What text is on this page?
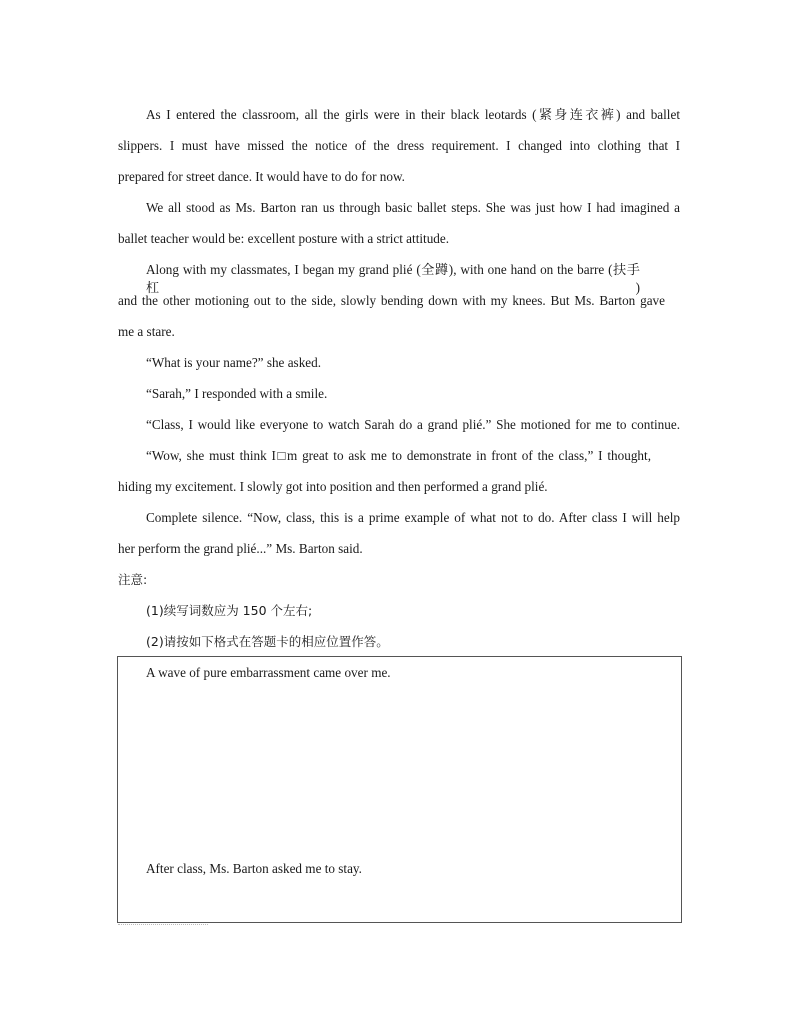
As I entered the classroom, all the girls were in their black leotards (紧身连衣裤) and ballet
slippers. I must have missed the notice of the dress requirement. I changed into clothing that I
prepared for street dance. It would have to do for now.
We all stood as Ms. Barton ran us through basic ballet steps. She was just how I had imagined a
ballet teacher would be: excellent posture with a strict attitude.
Along with my classmates, I began my grand plié (全蹲), with one hand on the barre (扶手杠)
and the other motioning out to the side, slowly bending down with my knees. But Ms. Barton gave
me a stare.
“What is your name?” she asked.
“Sarah,” I responded with a smile.
“Class, I would like everyone to watch Sarah do a grand plié.” She motioned for me to continue.
“Wow, she must think I□m great to ask me to demonstrate in front of the class,” I thought,
hiding my excitement. I slowly got into position and then performed a grand plié.
Complete silence. “Now, class, this is a prime example of what not to do. After class I will help
her perform the grand plié...” Ms. Barton said.
注意:
(1)续写词数应为 150 个左右;
(2)请按如下格式在答题卡的相应位置作答。
A wave of pure embarrassment came over me.
After class, Ms. Barton asked me to stay.
